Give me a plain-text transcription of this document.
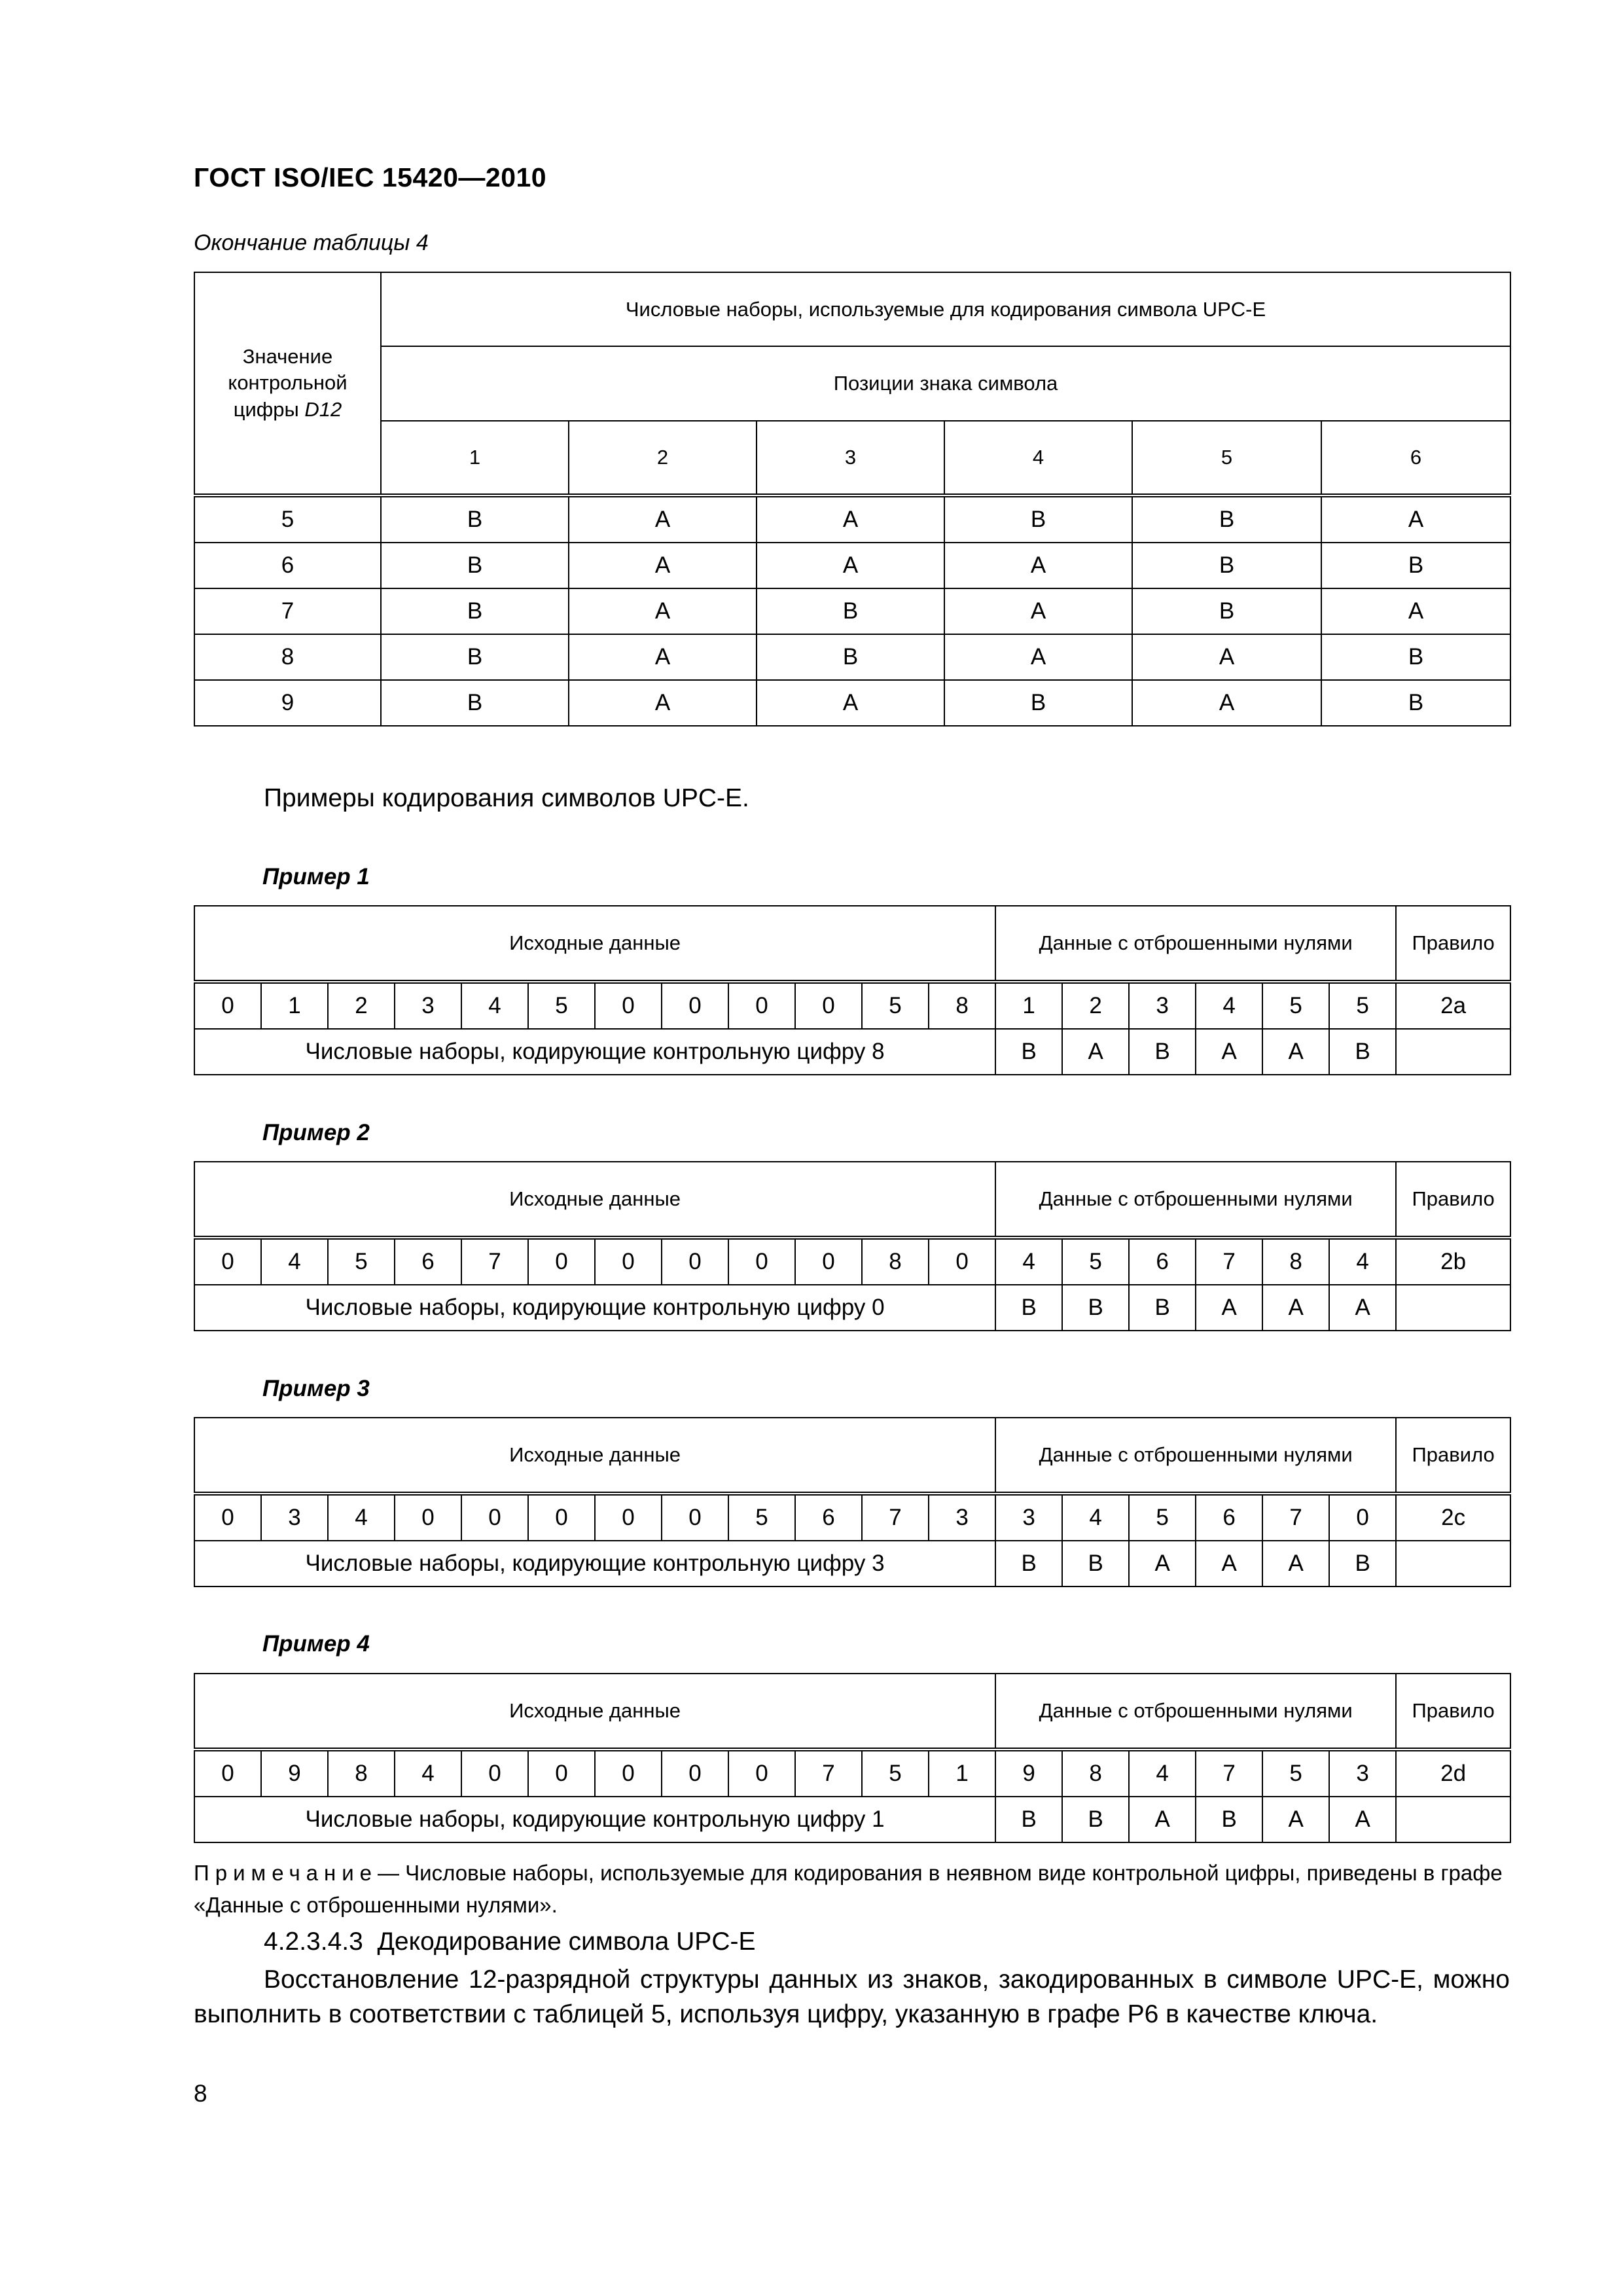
ГОСТ ISO/IEC 15420—2010
Окончание таблицы 4
Значение
контрольной
цифры D12	Числовые наборы, используемые для кодирования символа UPC-E					
	Позиции знака символа					
	1	2	3	4	5	6
5	B	A	A	B	B	A
6	B	A	A	A	B	B
7	B	A	B	A	B	A
8	B	A	B	A	A	B
9	B	A	A	B	A	B
Примеры кодирования символов UPC-E.
Пример 1
Исходные данные												Данные с отброшенными нулями						Правило
0	1	2	3	4	5	0	0	0	0	5	8	1	2	3	4	5	5	2a
Числовые наборы, кодирующие контрольную цифру 8												B	A	B	A	A	B	
Пример 2
Исходные данные												Данные с отброшенными нулями						Правило
0	4	5	6	7	0	0	0	0	0	8	0	4	5	6	7	8	4	2b
Числовые наборы, кодирующие контрольную цифру 0												B	B	B	A	A	A	
Пример 3
Исходные данные												Данные с отброшенными нулями						Правило
0	3	4	0	0	0	0	0	5	6	7	3	3	4	5	6	7	0	2c
Числовые наборы, кодирующие контрольную цифру 3												B	B	A	A	A	B	
Пример 4
Исходные данные												Данные с отброшенными нулями						Правило
0	9	8	4	0	0	0	0	0	7	5	1	9	8	4	7	5	3	2d
Числовые наборы, кодирующие контрольную цифру 1												B	B	A	B	A	A	
Примечание— Числовые наборы, используемые для кодирования в неявном виде контрольной цифры, приведены в графе «Данные с отброшенными нулями».
4.2.3.4.3 Декодирование символа UPC-E
Восстановление 12-разрядной структуры данных из знаков, закодированных в символе UPC-E, можно выполнить в соответствии с таблицей 5, используя цифру, указанную в графе P6 в качестве ключа.
8
